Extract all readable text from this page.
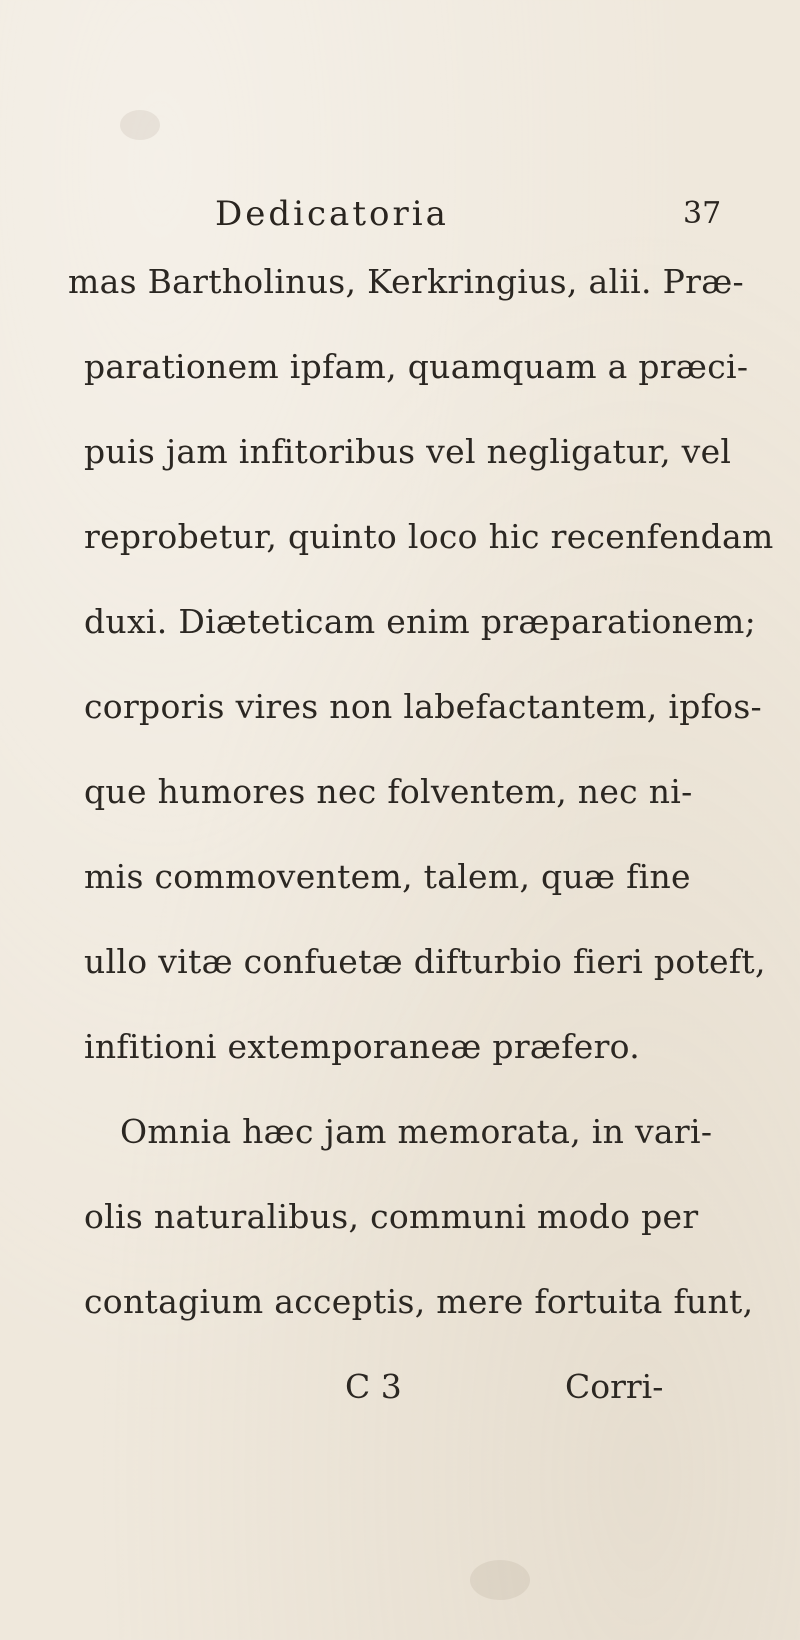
Dedicatoria	37
mas Bartholinus, Kerkringius, alii. Præ-
parationem ipfam, quamquam a præci-
puis jam infitoribus vel negligatur, vel
reprobetur, quinto loco hic recenfendam
duxi. Diæteticam enim præparationem;
corporis vires non labefactantem, ipfos-
que humores nec folventem, nec ni-
mis commoventem, talem, quæ fine
ullo vitæ confuetæ difturbio fieri poteft,
infitioni extemporaneæ præfero.
Omnia hæc jam memorata, in vari-
olis naturalibus, communi modo per
contagium acceptis, mere fortuita funt,
C 3	Corri-
